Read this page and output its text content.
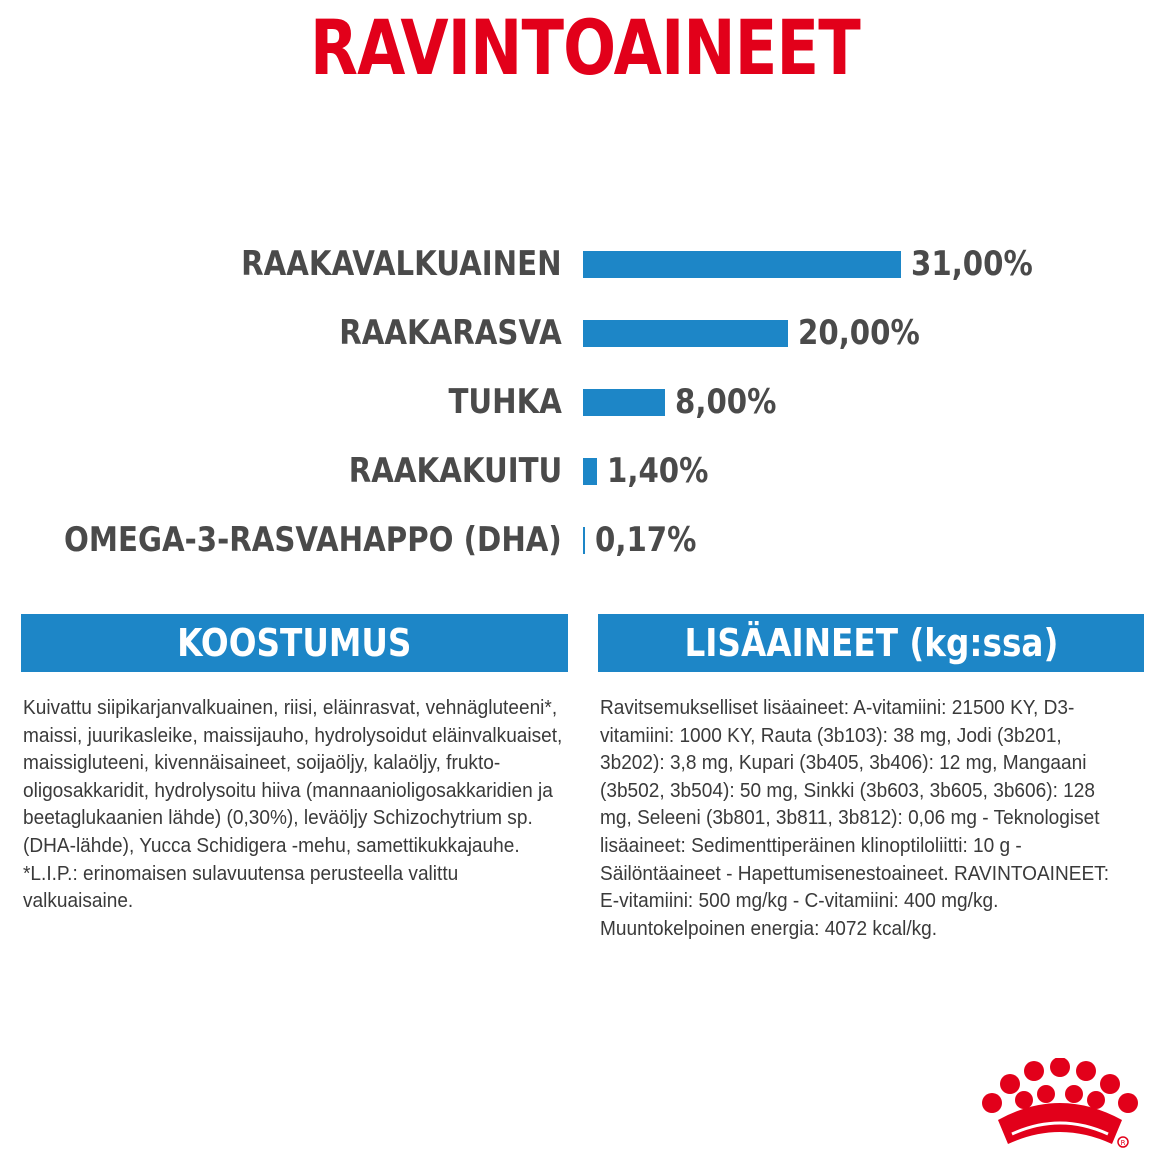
RAVINTOAINEET
RAAKAVALKUAINEN	31,00%
RAAKARASVA	20,00%
TUHKA	8,00%
RAAKAKUITU 1,40%
OMEGA-3-RASVAHAPPO (DHA) 0,17%
KOOSTUMUS	LISÄAINEET (kg:ssa)
Kuivattu siipikarjanvalkuainen, riisi, eläinrasvat, vehnägluteeni*, maissi, juurikasleike, maissijauho, hydrolysoidut eläinvalkuaiset, maissigluteeni, kivennäisaineet, soijaöljy, kalaöljy, frukto-oligosakkaridit, hydrolysoitu hiiva (mannaanioligosakkaridien ja beetaglukaanien lähde) (0,30%), leväöljy Schizochytrium sp. (DHA-lähde), Yucca Schidigera -mehu, samettikukkajauhe. *L.I.P.: erinomaisen sulavuutensa perusteella valittu valkuaisaine.
Ravitsemukselliset lisäaineet: A-vitamiini: 21500 KY, D3-vitamiini: 1000 KY, Rauta (3b103): 38 mg, Jodi (3b201, 3b202): 3,8 mg, Kupari (3b405, 3b406): 12 mg, Mangaani (3b502, 3b504): 50 mg, Sinkki (3b603, 3b605, 3b606): 128 mg, Seleeni (3b801, 3b811, 3b812): 0,06 mg - Teknologiset lisäaineet: Sedimenttiperäinen klinoptiloliitti: 10 g - Säilöntäaineet - Hapettumisenestoaineet. RAVINTOAINEET: E-vitamiini: 500 mg/kg - C-vitamiini: 400 mg/kg. Muuntokelpoinen energia: 4072 kcal/kg.
R
